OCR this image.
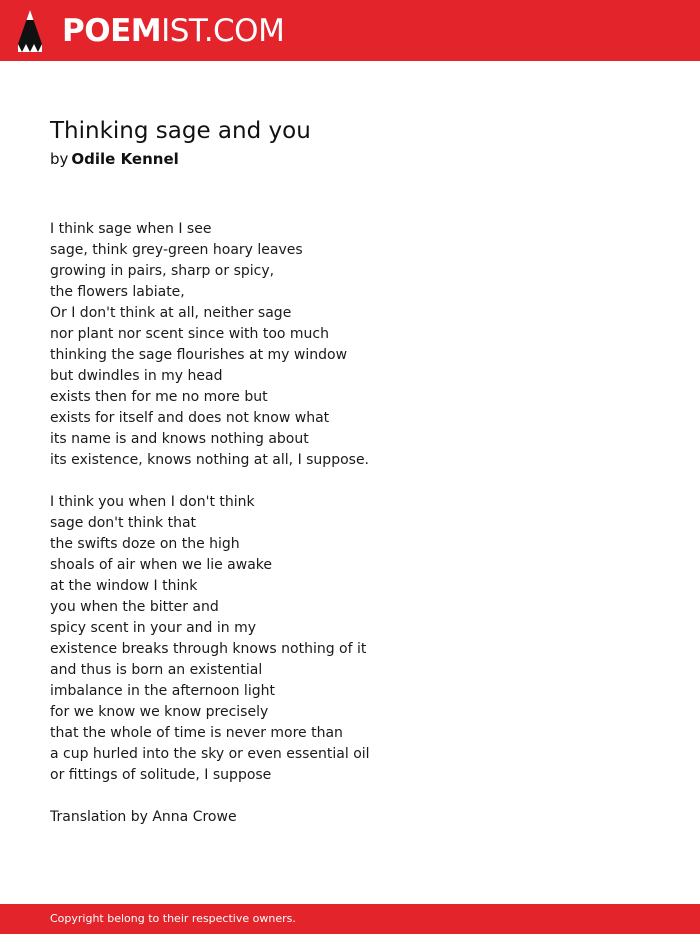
POEMIST.COM
Thinking sage and you
by Odile Kennel
I think sage when I see
sage, think grey-green hoary leaves
growing in pairs, sharp or spicy,
the flowers labiate,
Or I don't think at all, neither sage
nor plant nor scent since with too much
thinking the sage flourishes at my window
but dwindles in my head
exists then for me no more but
exists for itself and does not know what
its name is and knows nothing about
its existence, knows nothing at all, I suppose.
I think you when I don't think
sage don't think that
the swifts doze on the high
shoals of air when we lie awake
at the window I think
you when the bitter and
spicy scent in your and in my
existence breaks through knows nothing of it
and thus is born an existential
imbalance in the afternoon light
for we know we know precisely
that the whole of time is never more than
a cup hurled into the sky or even essential oil
or fittings of solitude, I suppose
Translation by Anna Crowe
Copyright belong to their respective owners.
